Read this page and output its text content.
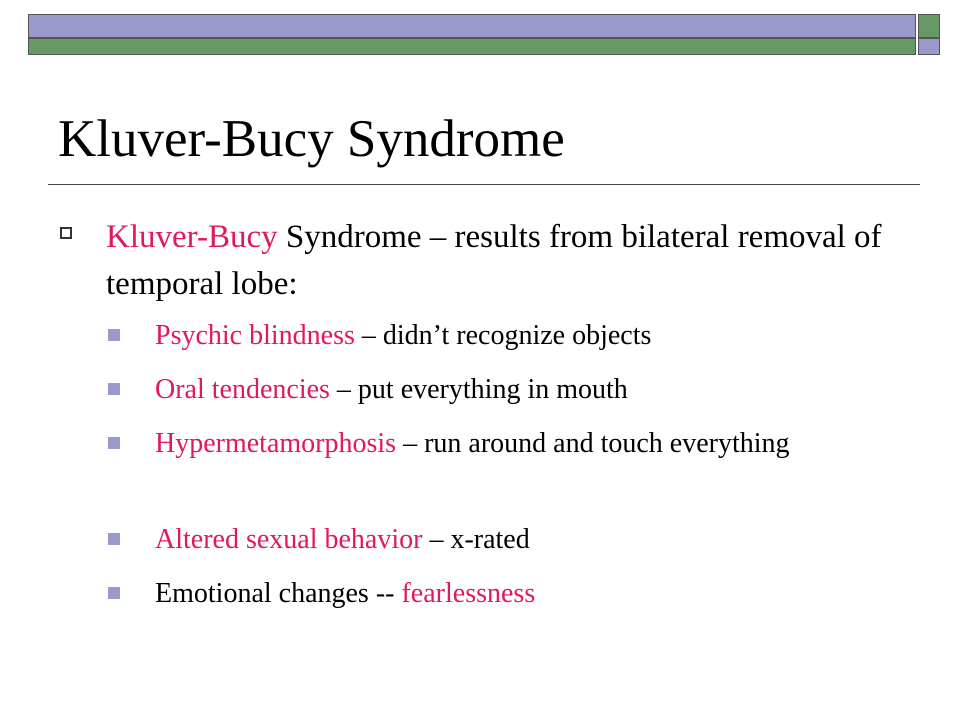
Kluver-Bucy Syndrome
Kluver-Bucy Syndrome – results from bilateral removal of temporal lobe:
Psychic blindness – didn’t recognize objects
Oral tendencies – put everything in mouth
Hypermetamorphosis – run around and touch everything
Altered sexual behavior – x-rated
Emotional changes -- fearlessness
